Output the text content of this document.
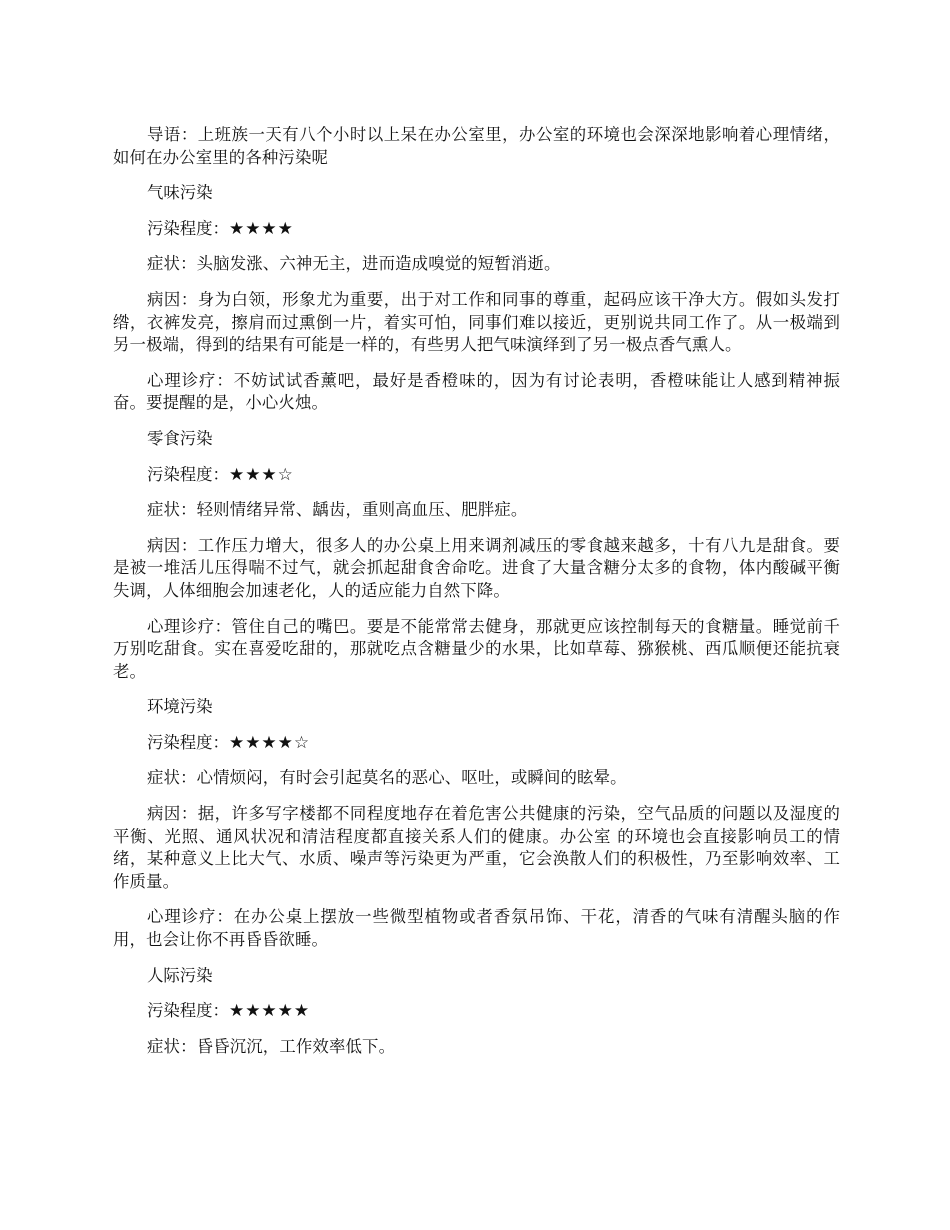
导语：上班族一天有八个小时以上呆在办公室里，办公室的环境也会深深地影响着心理情绪，如何在办公室里的各种污染呢

气味污染

污染程度：★★★★

症状：头脑发涨、六神无主，进而造成嗅觉的短暂消逝。

病因：身为白领，形象尤为重要，出于对工作和同事的尊重，起码应该干净大方。假如头发打绺，衣裤发亮，擦肩而过熏倒一片，着实可怕，同事们难以接近，更别说共同工作了。从一极端到另一极端，得到的结果有可能是一样的，有些男人把气味演绎到了另一极点香气熏人。

心理诊疗：不妨试试香薰吧，最好是香橙味的，因为有讨论表明，香橙味能让人感到精神振奋。要提醒的是，小心火烛。

零食污染

污染程度：★★★☆

症状：轻则情绪异常、龋齿，重则高血压、肥胖症。

病因：工作压力增大，很多人的办公桌上用来调剂减压的零食越来越多，十有八九是甜食。要是被一堆活儿压得喘不过气，就会抓起甜食舍命吃。进食了大量含糖分太多的食物，体内酸碱平衡失调，人体细胞会加速老化，人的适应能力自然下降。

心理诊疗：管住自己的嘴巴。要是不能常常去健身，那就更应该控制每天的食糖量。睡觉前千万别吃甜食。实在喜爱吃甜的，那就吃点含糖量少的水果，比如草莓、猕猴桃、西瓜顺便还能抗衰老。

环境污染

污染程度：★★★★☆

症状：心情烦闷，有时会引起莫名的恶心、呕吐，或瞬间的眩晕。

病因：据，许多写字楼都不同程度地存在着危害公共健康的污染，空气品质的问题以及湿度的平衡、光照、通风状况和清洁程度都直接关系人们的健康。办公室 的环境也会直接影响员工的情绪，某种意义上比大气、水质、噪声等污染更为严重，它会涣散人们的积极性，乃至影响效率、工作质量。

心理诊疗：在办公桌上摆放一些微型植物或者香氛吊饰、干花，清香的气味有清醒头脑的作用，也会让你不再昏昏欲睡。

人际污染

污染程度：★★★★★

症状：昏昏沉沉，工作效率低下。
